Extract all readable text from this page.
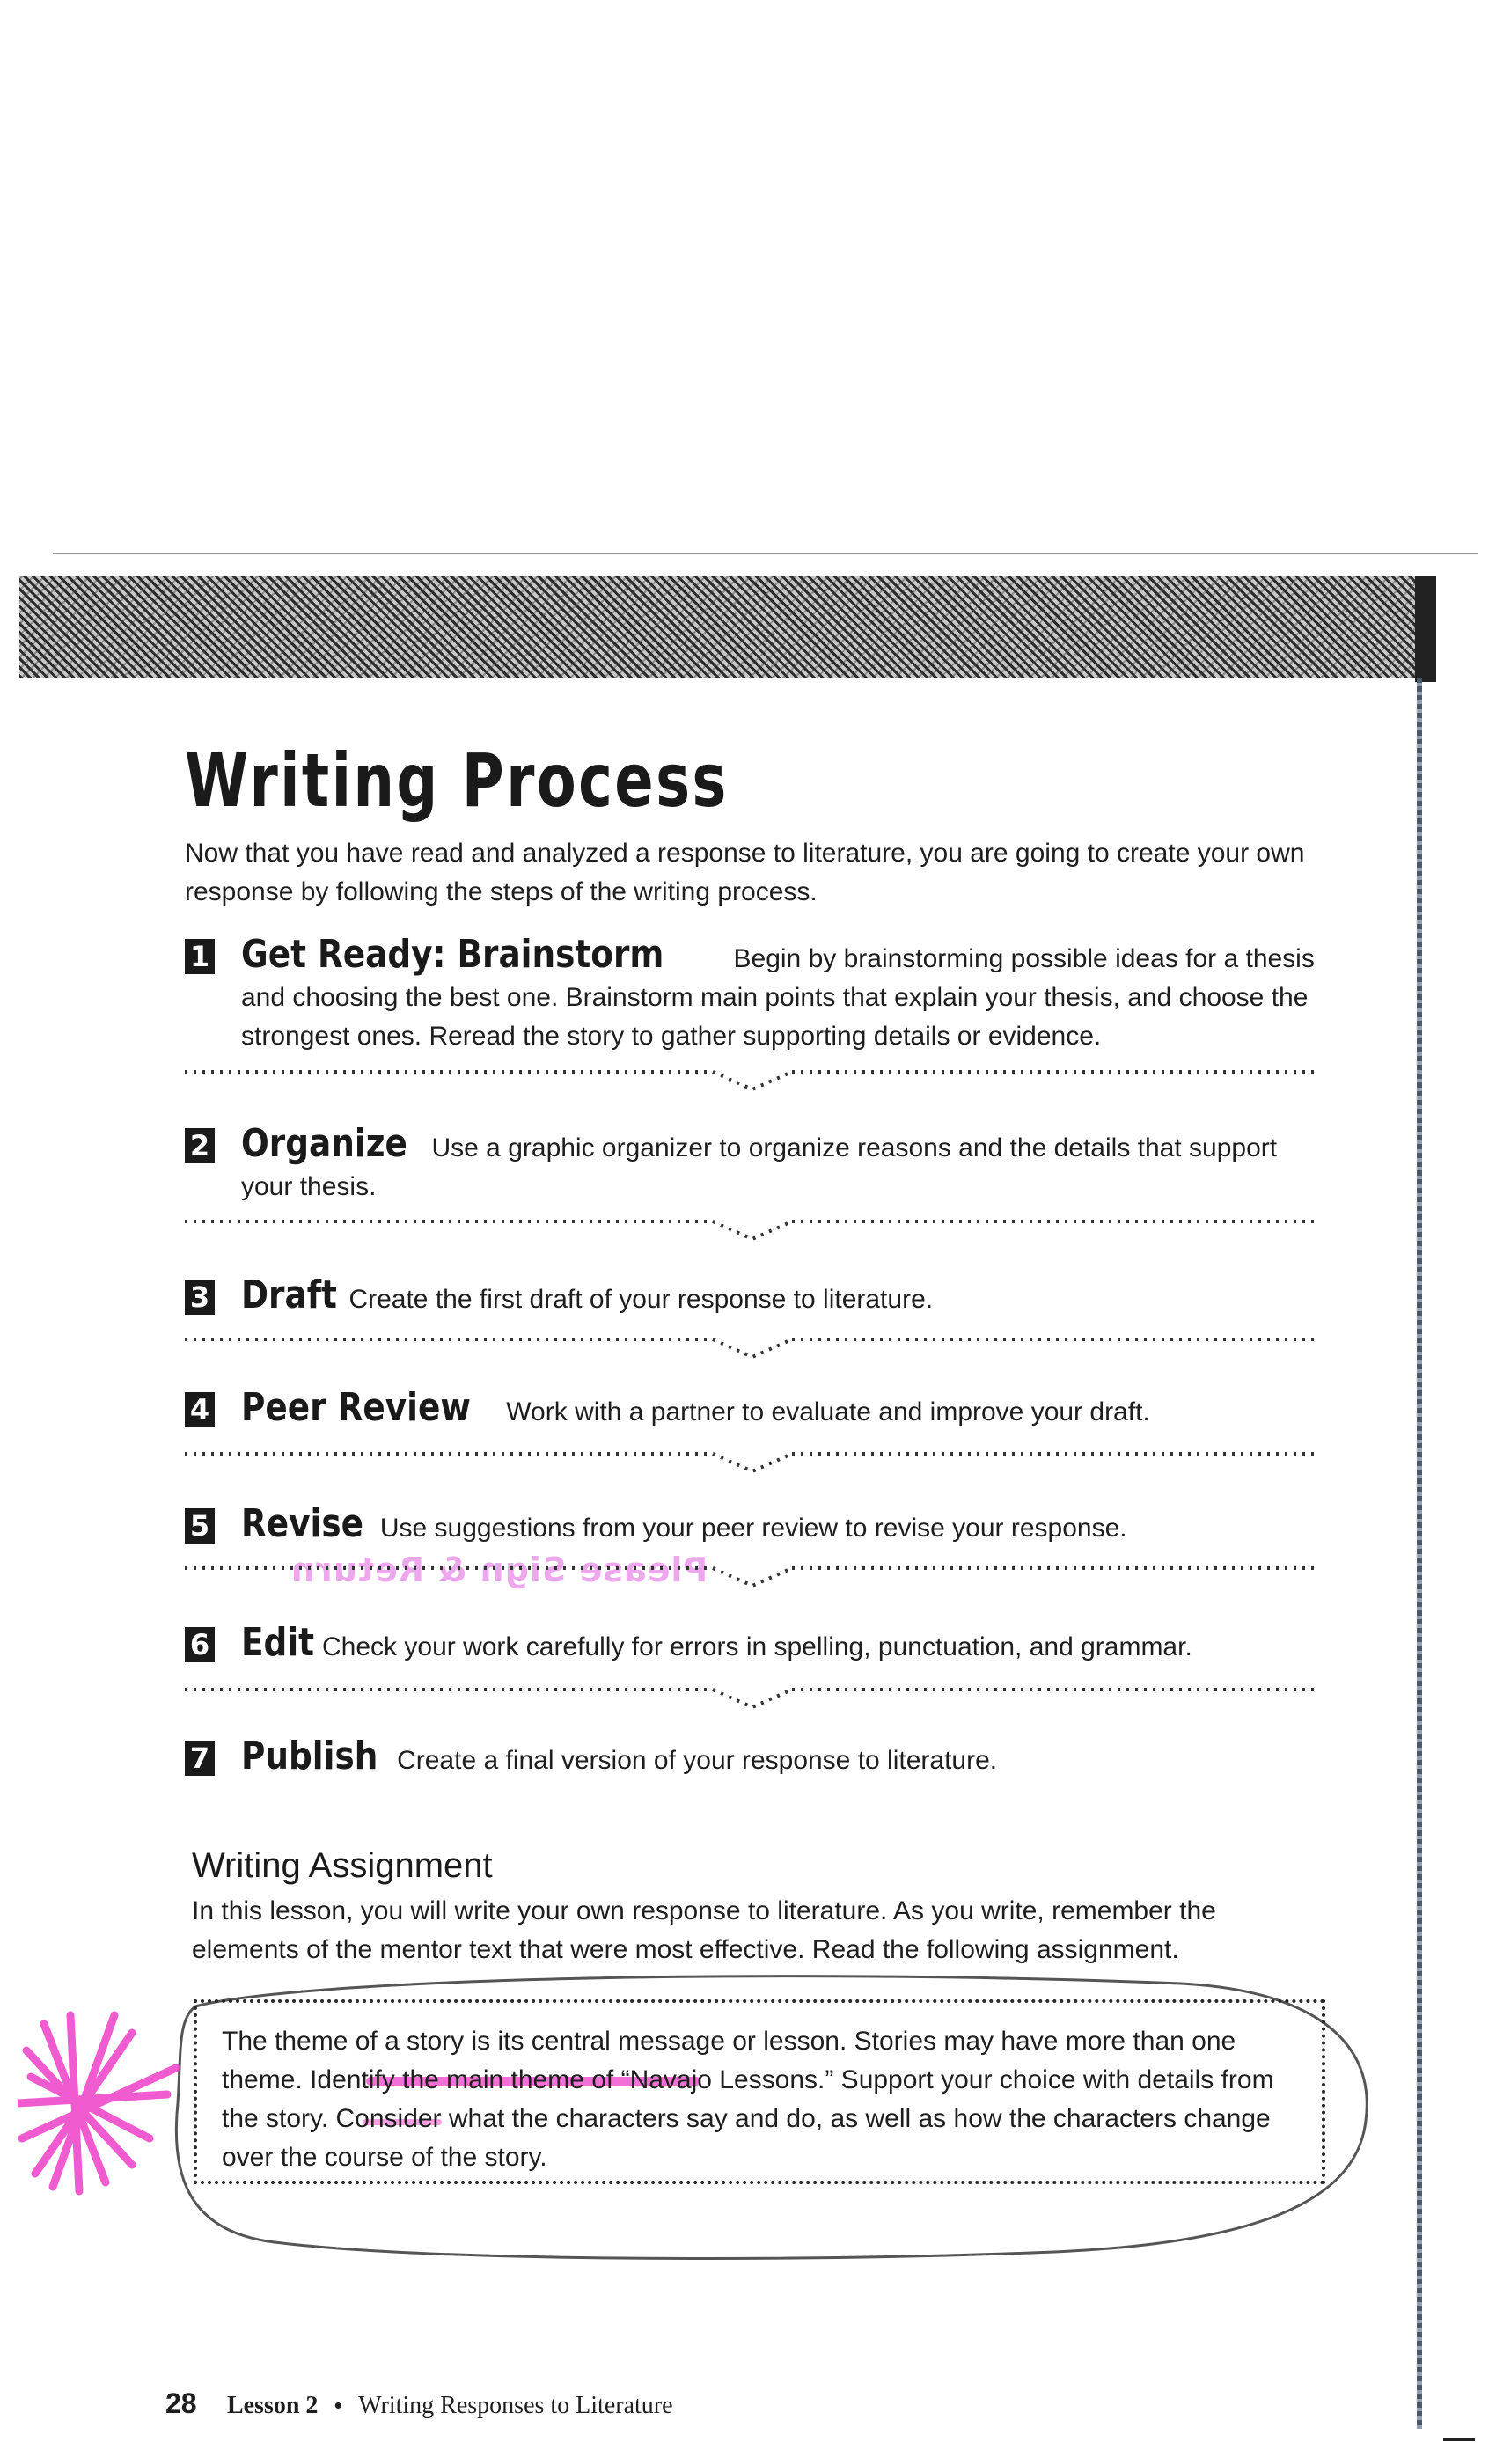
Writing Process

Now that you have read and analyzed a response to literature, you are going to create your own response by following the steps of the writing process.

1 Get Ready: Brainstorm	Begin by brainstorming possible ideas for a thesis and choosing the best one. Brainstorm main points that explain your thesis, and choose the strongest ones. Reread the story to gather supporting details or evidence.
2 Organize Use a graphic organizer to organize reasons and the details that support your thesis.
3 Draft Create the first draft of your response to literature.
4 Peer Review Work with a partner to evaluate and improve your draft.
5 Revise Use suggestions from your peer review to revise your response.
Please Sign & Return
6 Edit Check your work carefully for errors in spelling, punctuation, and grammar.
7 Publish Create a final version of your response to literature.
Writing Assignment

In this lesson, you will write your own response to literature. As you write, remember the elements of the mentor text that were most effective. Read the following assignment.

The theme of a story is its central message or lesson. Stories may have more than one theme. Identify the main theme of “Navajo Lessons.” Support your choice with details from the story. Consider what the characters say and do, as well as how the characters change over the course of the story.

28 Lesson 2 • Writing Responses to Literature
